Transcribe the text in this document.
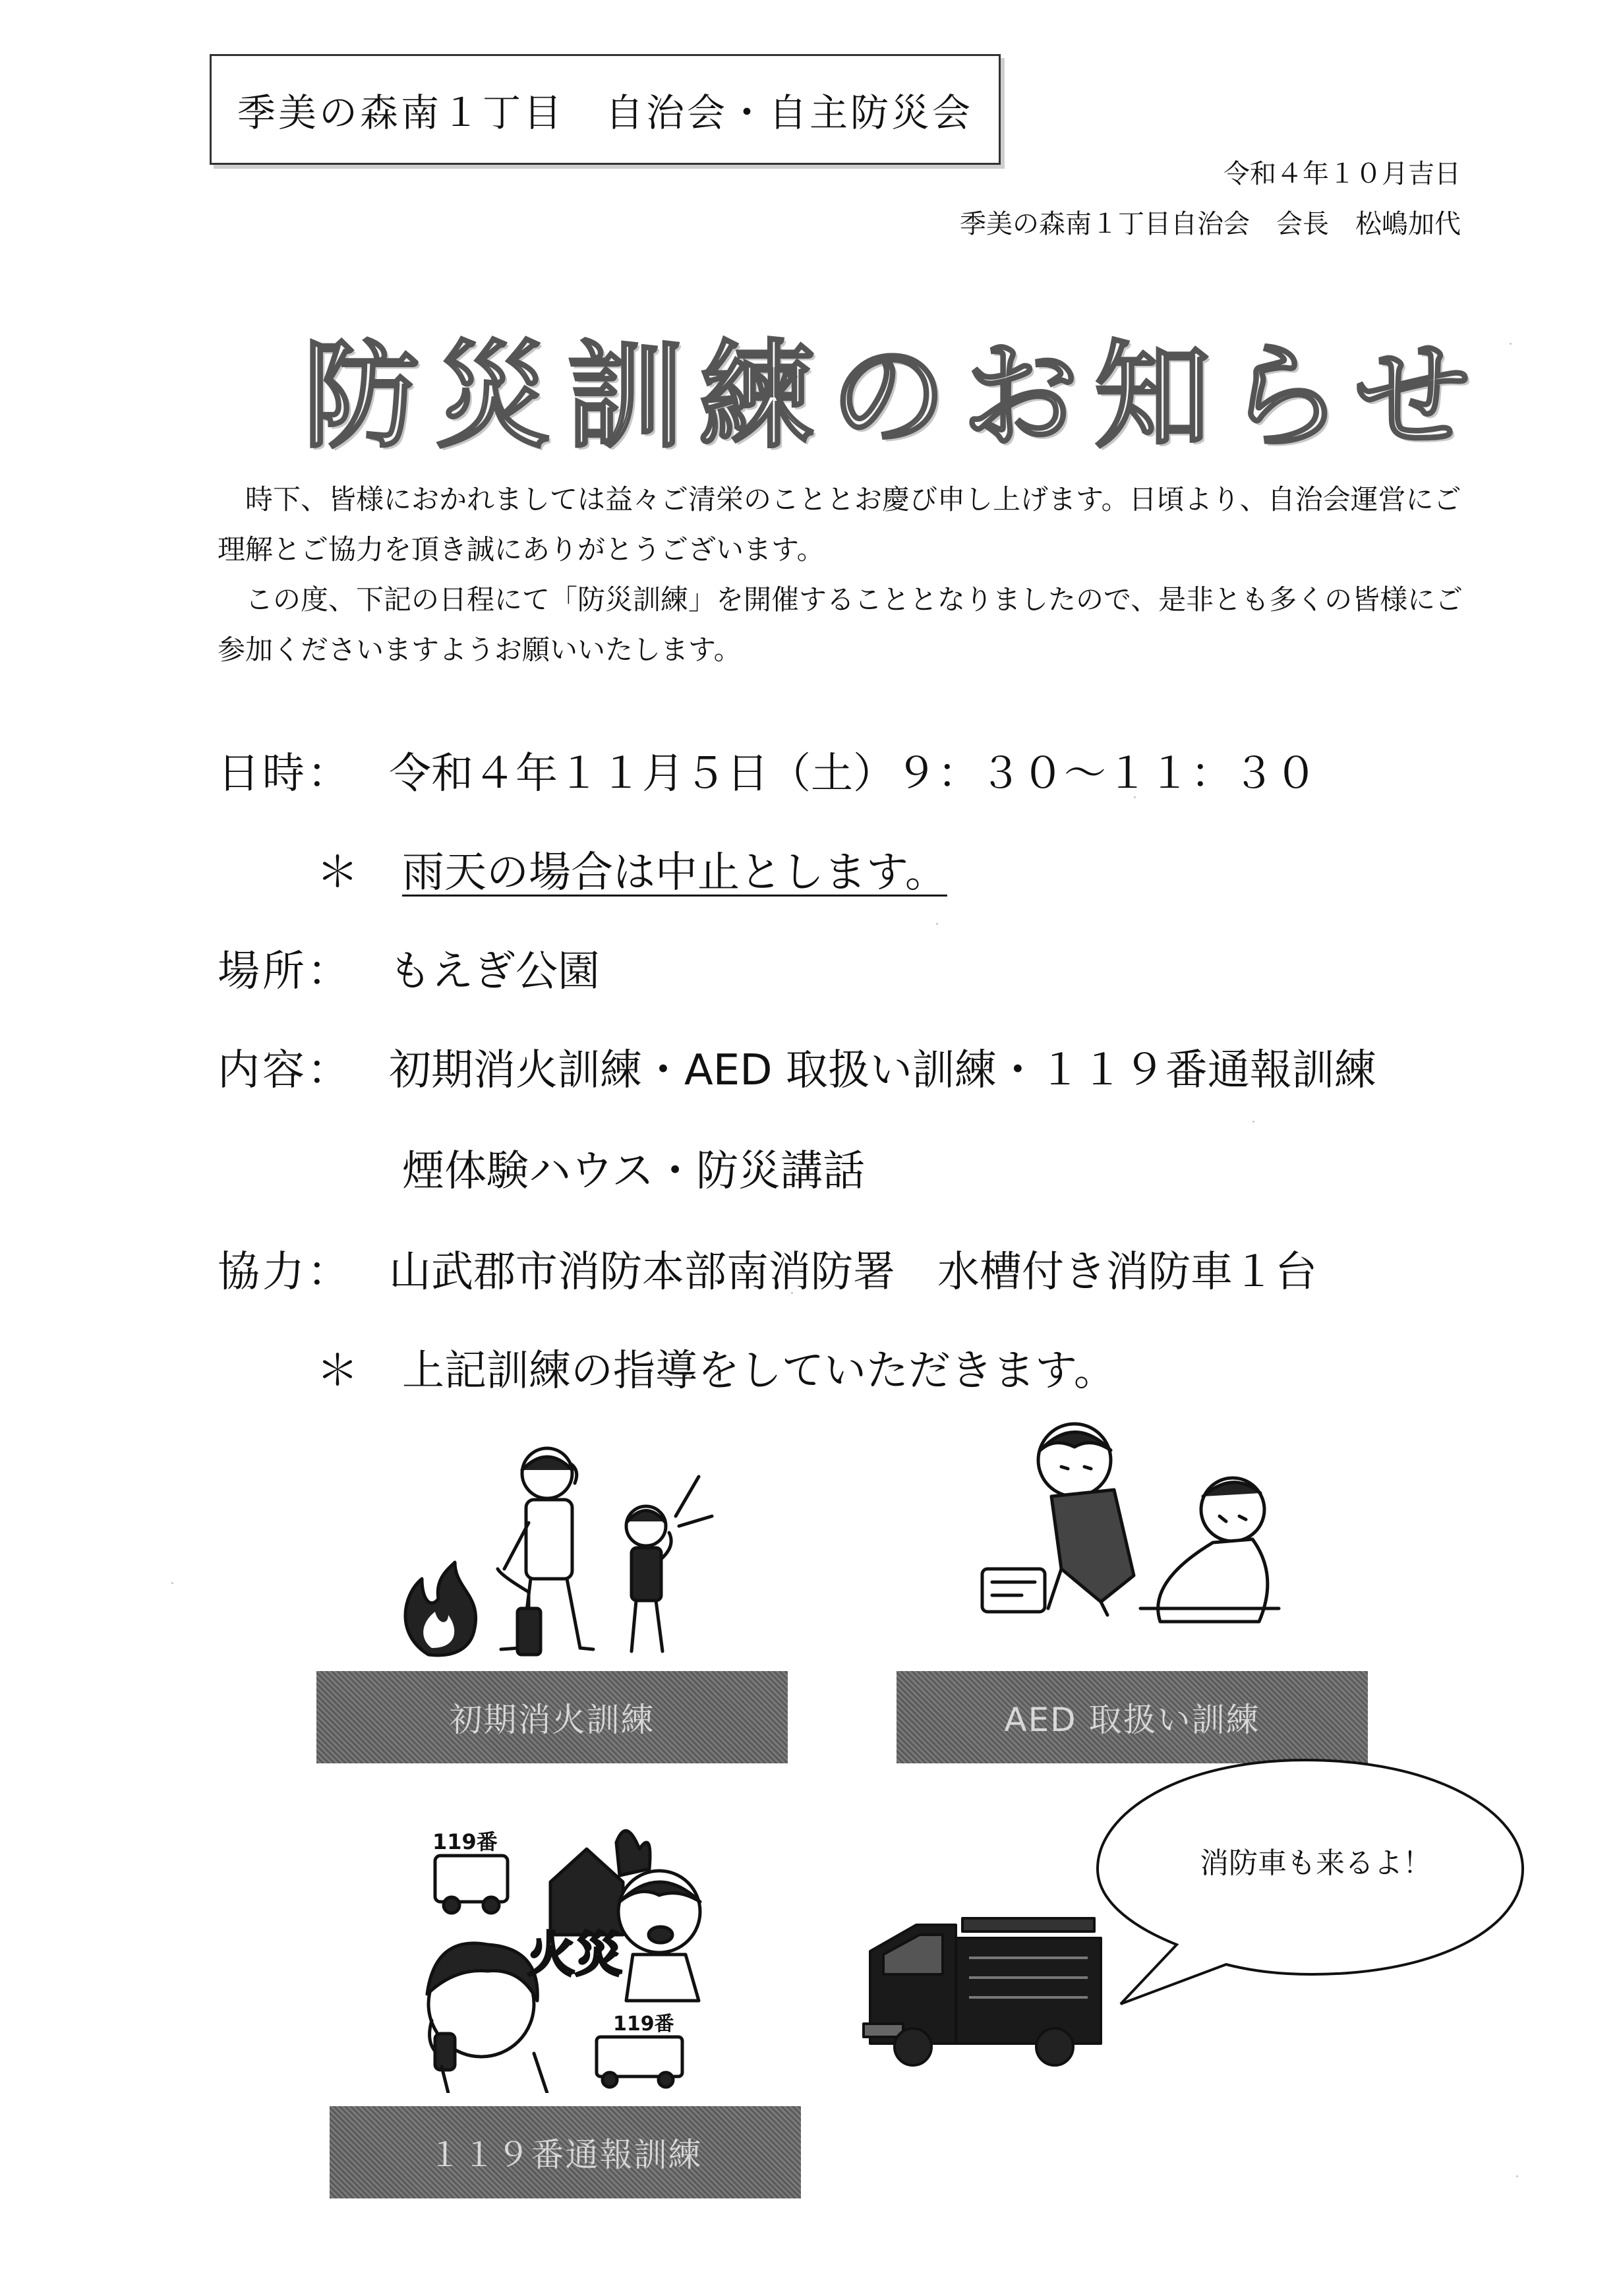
季美の森南１丁目　自治会・自主防災会
令和４年１０月吉日
季美の森南１丁目自治会　会長　松嶋加代
防災訓練のお知らせ

時下、皆様におかれましては益々ご清栄のこととお慶び申し上げます。日頃より、自治会運営にご理解とご協力を頂き誠にありがとうございます。

この度、下記の日程にて「防災訓練」を開催することとなりましたので、是非とも多くの皆様にご参加くださいますようお願いいたします。

日時： 令和４年１１月５日（土）９：３０〜１１：３０
＊ 雨天の場合は中止とします。
場所： もえぎ公園
内容： 初期消火訓練・AED 取扱い訓練・１１９番通報訓練
煙体験ハウス・防災講話
協力： 山武郡市消防本部南消防署　水槽付き消防車１台
＊ 上記訓練の指導をしていただきます。
初期消火訓練	AED 取扱い訓練
119番
119番
火災
１１９番通報訓練
消防車も来るよ！
